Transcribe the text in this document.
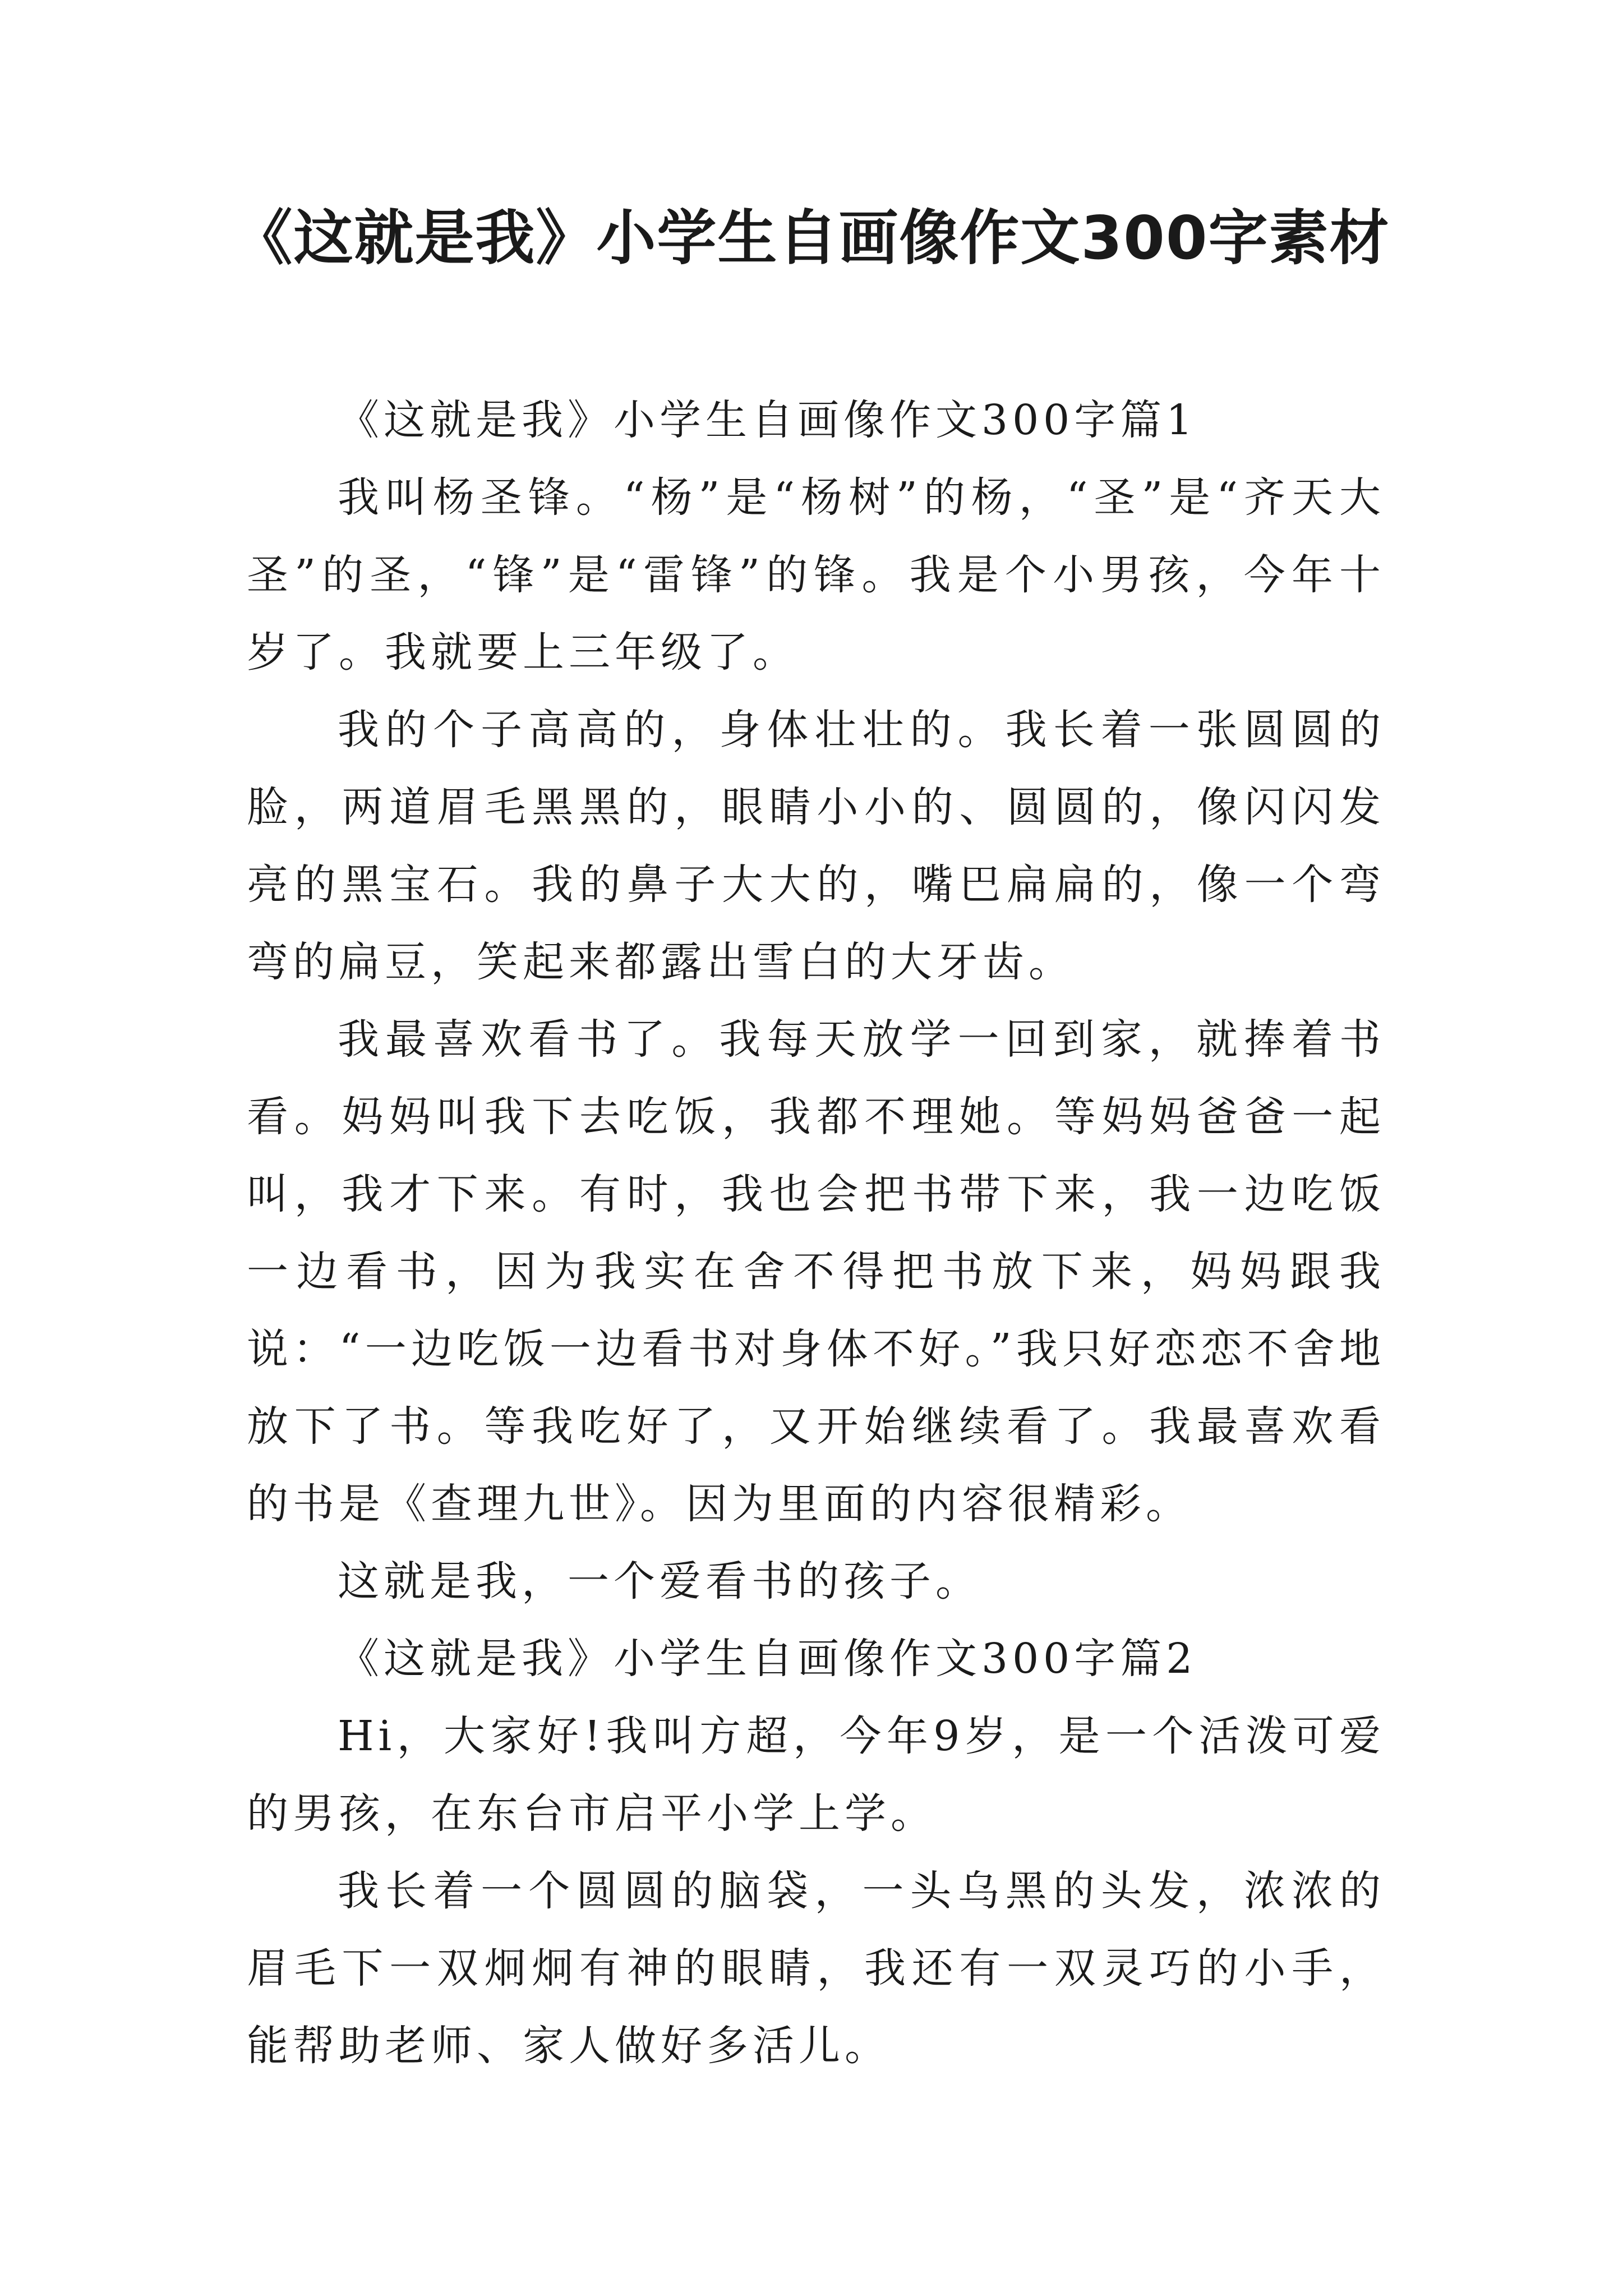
《这就是我》小学生自画像作文300字素材

《这就是我》小学生自画像作文300字篇1

我叫杨圣锋。“杨”是“杨树”的杨，“圣”是“齐天大圣”的圣，“锋”是“雷锋”的锋。我是个小男孩，今年十岁了。我就要上三年级了。

我的个子高高的，身体壮壮的。我长着一张圆圆的脸，两道眉毛黑黑的，眼睛小小的、圆圆的，像闪闪发亮的黑宝石。我的鼻子大大的，嘴巴扁扁的，像一个弯弯的扁豆，笑起来都露出雪白的大牙齿。

我最喜欢看书了。我每天放学一回到家，就捧着书看。妈妈叫我下去吃饭，我都不理她。等妈妈爸爸一起叫，我才下来。有时，我也会把书带下来，我一边吃饭一边看书，因为我实在舍不得把书放下来，妈妈跟我说：“一边吃饭一边看书对身体不好。”我只好恋恋不舍地放下了书。等我吃好了，又开始继续看了。我最喜欢看的书是《查理九世》。因为里面的内容很精彩。

这就是我，一个爱看书的孩子。

《这就是我》小学生自画像作文300字篇2

Hi，大家好!我叫方超，今年9岁，是一个活泼可爱的男孩，在东台市启平小学上学。

我长着一个圆圆的脑袋，一头乌黑的头发，浓浓的眉毛下一双炯炯有神的眼睛，我还有一双灵巧的小手，能帮助老师、家人做好多活儿。
